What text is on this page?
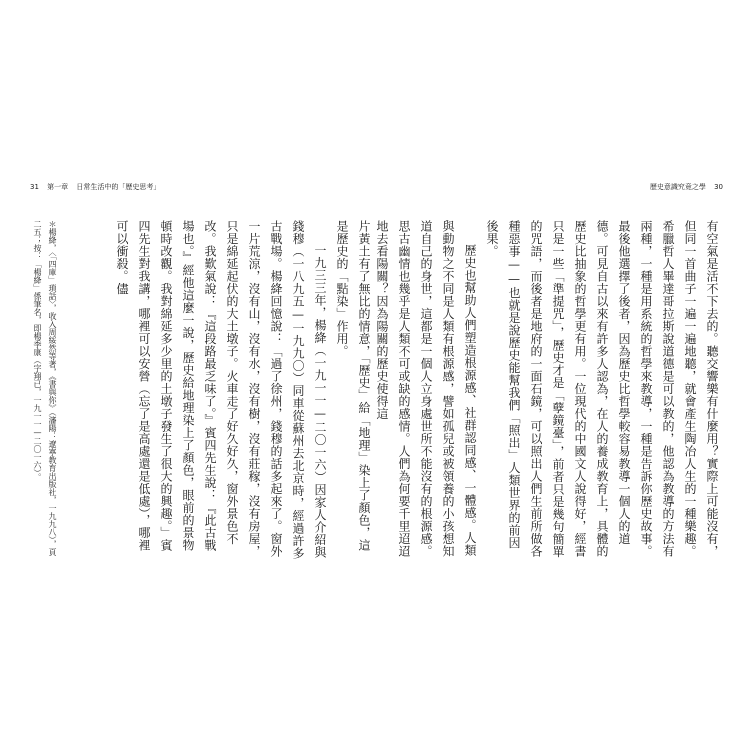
31 第一章 日常生活中的「歷史思考」

片黃土有了無比的情意，「歷史」給「地理」染上了顏色，這是歷史的「點染」作用。

一九三三年，楊絳（一九一一—二〇一六）因家人介紹與錢穆（一八九五—一九九〇）同車從蘇州去北京時，經過許多古戰場。楊絳回憶說：「過了徐州，錢穆的話多起來了。窗外一片荒涼，沒有山，沒有水，沒有樹，沒有莊稼，沒有房屋，只是綿延起伏的大土墩子。火車走了好久好久，窗外景色不改。我歎氣說：『這段路最乏味了。』賓四先生說：『此古戰場也。』經他這麼一說，歷史給地理染上了顏色，眼前的景物頓時改觀。我對綿延多少里的土墩子發生了很大的興趣。」賓四先生對我講，哪裡可以安營（忘了是高處還是低處），哪裡可以衝殺。儘

＊楊絳，〈「四庫」瑣話〉，收入周綏然等著，《書與你》（瀋陽：遼寧教育出版社，一九九八），頁二五；按：「楊絳」係筆名，即楊季康（字翔已，一九一一—二〇一六）。
歷史意識究竟之學 30

有空氣是活不下去的。聽交響樂有什麼用？實際上可能沒有，但同一首曲子一遍一遍地聽，就會產生陶冶人生的一種樂趣。希臘哲人畢達哥拉斯說道德是可以教的，他認為教導的方法有兩種，一種是用系統的哲學來教導，一種是告訴你歷史故事。最後他選擇了後者，因為歷史比哲學較容易教導一個人的道德。可見自古以來有許多人認為，在人的養成教育上，具體的歷史比抽象的哲學更有用。一位現代的中國文人說得好，經書只是一些「準提咒」，歷史才是「孽鏡臺」，前者只是幾句簡單的咒語，而後者是地府的一面石鏡，可以照出人們生前所做各種惡事——也就是說歷史能幫我們「照出」人類世界的前因後果。

歷史也幫助人們塑造根源感、社群認同感、一體感。人類與動物之不同是人類有根源感，譬如孤兒或被領養的小孩想知道自己的身世，這都是一個人立身處世所不能沒有的根源感。思古幽情也幾乎是人類不可或缺的感情。人們為何要千里迢迢地去看陽關？因為陽關的歷史使得這
